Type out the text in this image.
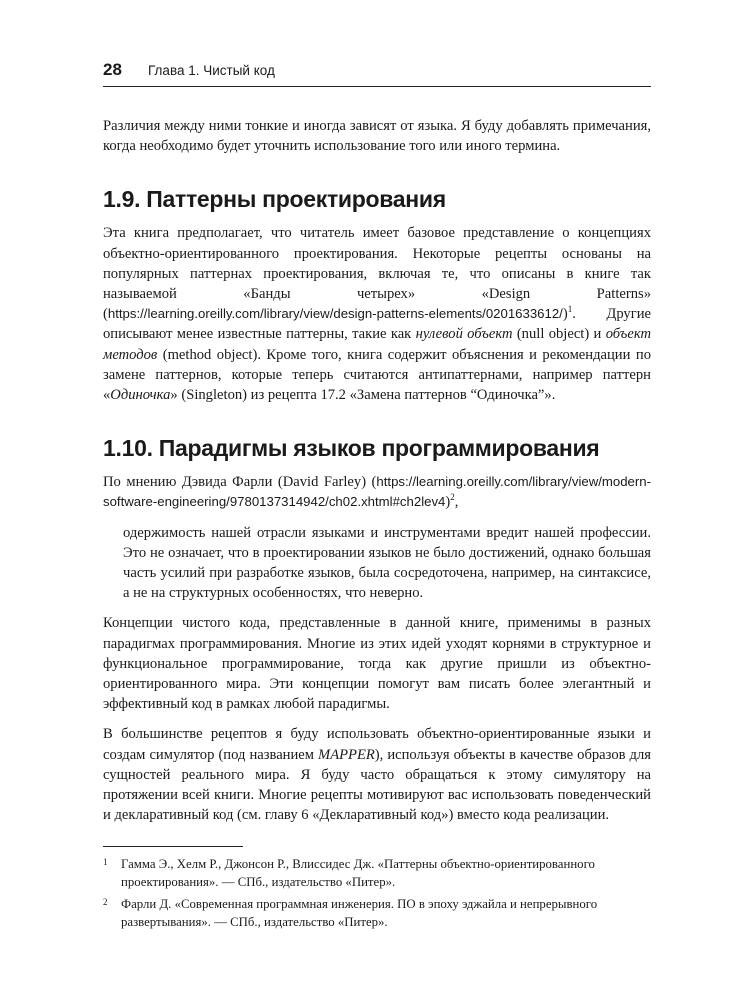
28 Глава 1. Чистый код

Различия между ними тонкие и иногда зависят от языка. Я буду добавлять примечания, когда необходимо будет уточнить использование того или иного термина.

1.9. Паттерны проектирования

Эта книга предполагает, что читатель имеет базовое представление о концепциях объектно-ориентированного проектирования. Некоторые рецепты основаны на популярных паттернах проектирования, включая те, что описаны в книге так называемой «Банды четырех» «Design Patterns» (https://learning.oreilly.com/library/view/design-patterns-elements/0201633612/)$^1$. Другие описывают менее известные паттерны, такие как нулевой объект (null object) и объект методов (method object). Кроме того, книга содержит объяснения и рекомендации по замене паттернов, которые теперь считаются антипаттернами, например паттерн «Одиночка» (Singleton) из рецепта 17.2 «Замена паттернов “Одиночка”».

1.10. Парадигмы языков программирования

По мнению Дэвида Фарли (David Farley) (https://learning.oreilly.com/library/view/modern-software-engineering/9780137314942/ch02.xhtml#ch2lev4)$^2$,

одержимость нашей отрасли языками и инструментами вредит нашей профессии. Это не означает, что в проектировании языков не было достижений, однако большая часть усилий при разработке языков, была сосредоточена, например, на синтаксисе, а не на структурных особенностях, что неверно.

Концепции чистого кода, представленные в данной книге, применимы в разных парадигмах программирования. Многие из этих идей уходят корнями в структурное и функциональное программирование, тогда как другие пришли из объектно-ориентированного мира. Эти концепции помогут вам писать более элегантный и эффективный код в рамках любой парадигмы.

В большинстве рецептов я буду использовать объектно-ориентированные языки и создам симулятор (под названием MAPPER), используя объекты в качестве образов для сущностей реального мира. Я буду часто обращаться к этому симулятору на протяжении всей книги. Многие рецепты мотивируют вас использовать поведенческий и декларативный код (см. главу 6 «Декларативный код») вместо кода реализации.

1 Гамма Э., Хелм Р., Джонсон Р., Влиссидес Дж. «Паттерны объектно-ориентированного проектирования». — СПб., издательство «Питер».
2 Фарли Д. «Современная программная инженерия. ПО в эпоху эджайла и непрерывного развертывания». — СПб., издательство «Питер».
